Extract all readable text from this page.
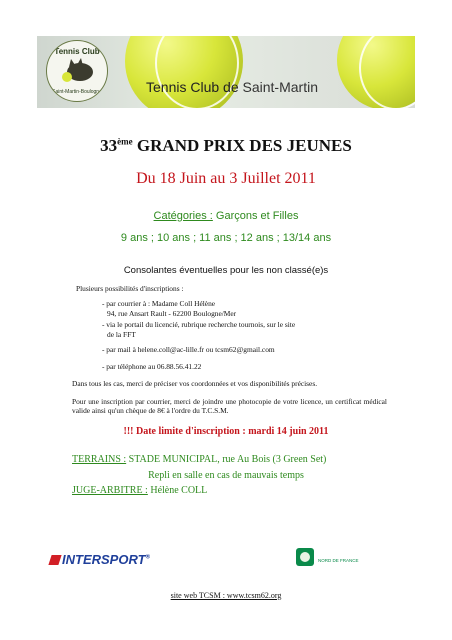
Tennis Club
Saint-Martin-Boulogne	Tennis Club de Saint-Martin
33ème GRAND PRIX DES JEUNES
Du 18 Juin au 3 Juillet 2011
Catégories : Garçons et Filles
9 ans ; 10 ans ; 11 ans ; 12 ans ; 13/14 ans
Consolantes éventuelles pour les non classé(e)s
Plusieurs possibilités d'inscriptions :
- par courrier à : Madame Coll Hélène
94, rue Ansart Rault - 62200 Boulogne/Mer
- via le portail du licencié, rubrique recherche tournois, sur le site
de la FFT
- par mail à helene.coll@ac-lille.fr ou tcsm62@gmail.com
- par téléphone au 06.88.56.41.22
Dans tous les cas, merci de préciser vos coordonnées et vos disponibilités précises.
Pour une inscription par courrier, merci de joindre une photocopie de votre licence, un certificat médical valide ainsi qu'un chèque de 8€ à l'ordre du T.C.S.M.
!!! Date limite d'inscription : mardi 14 juin 2011
TERRAINS : STADE MUNICIPAL, rue Au Bois (3 Green Set)
Repli en salle en cas de mauvais temps
JUGE-ARBITRE : Hélène COLL
INTERSPORT®	NORD DE FRANCE
site web TCSM : www.tcsm62.org
